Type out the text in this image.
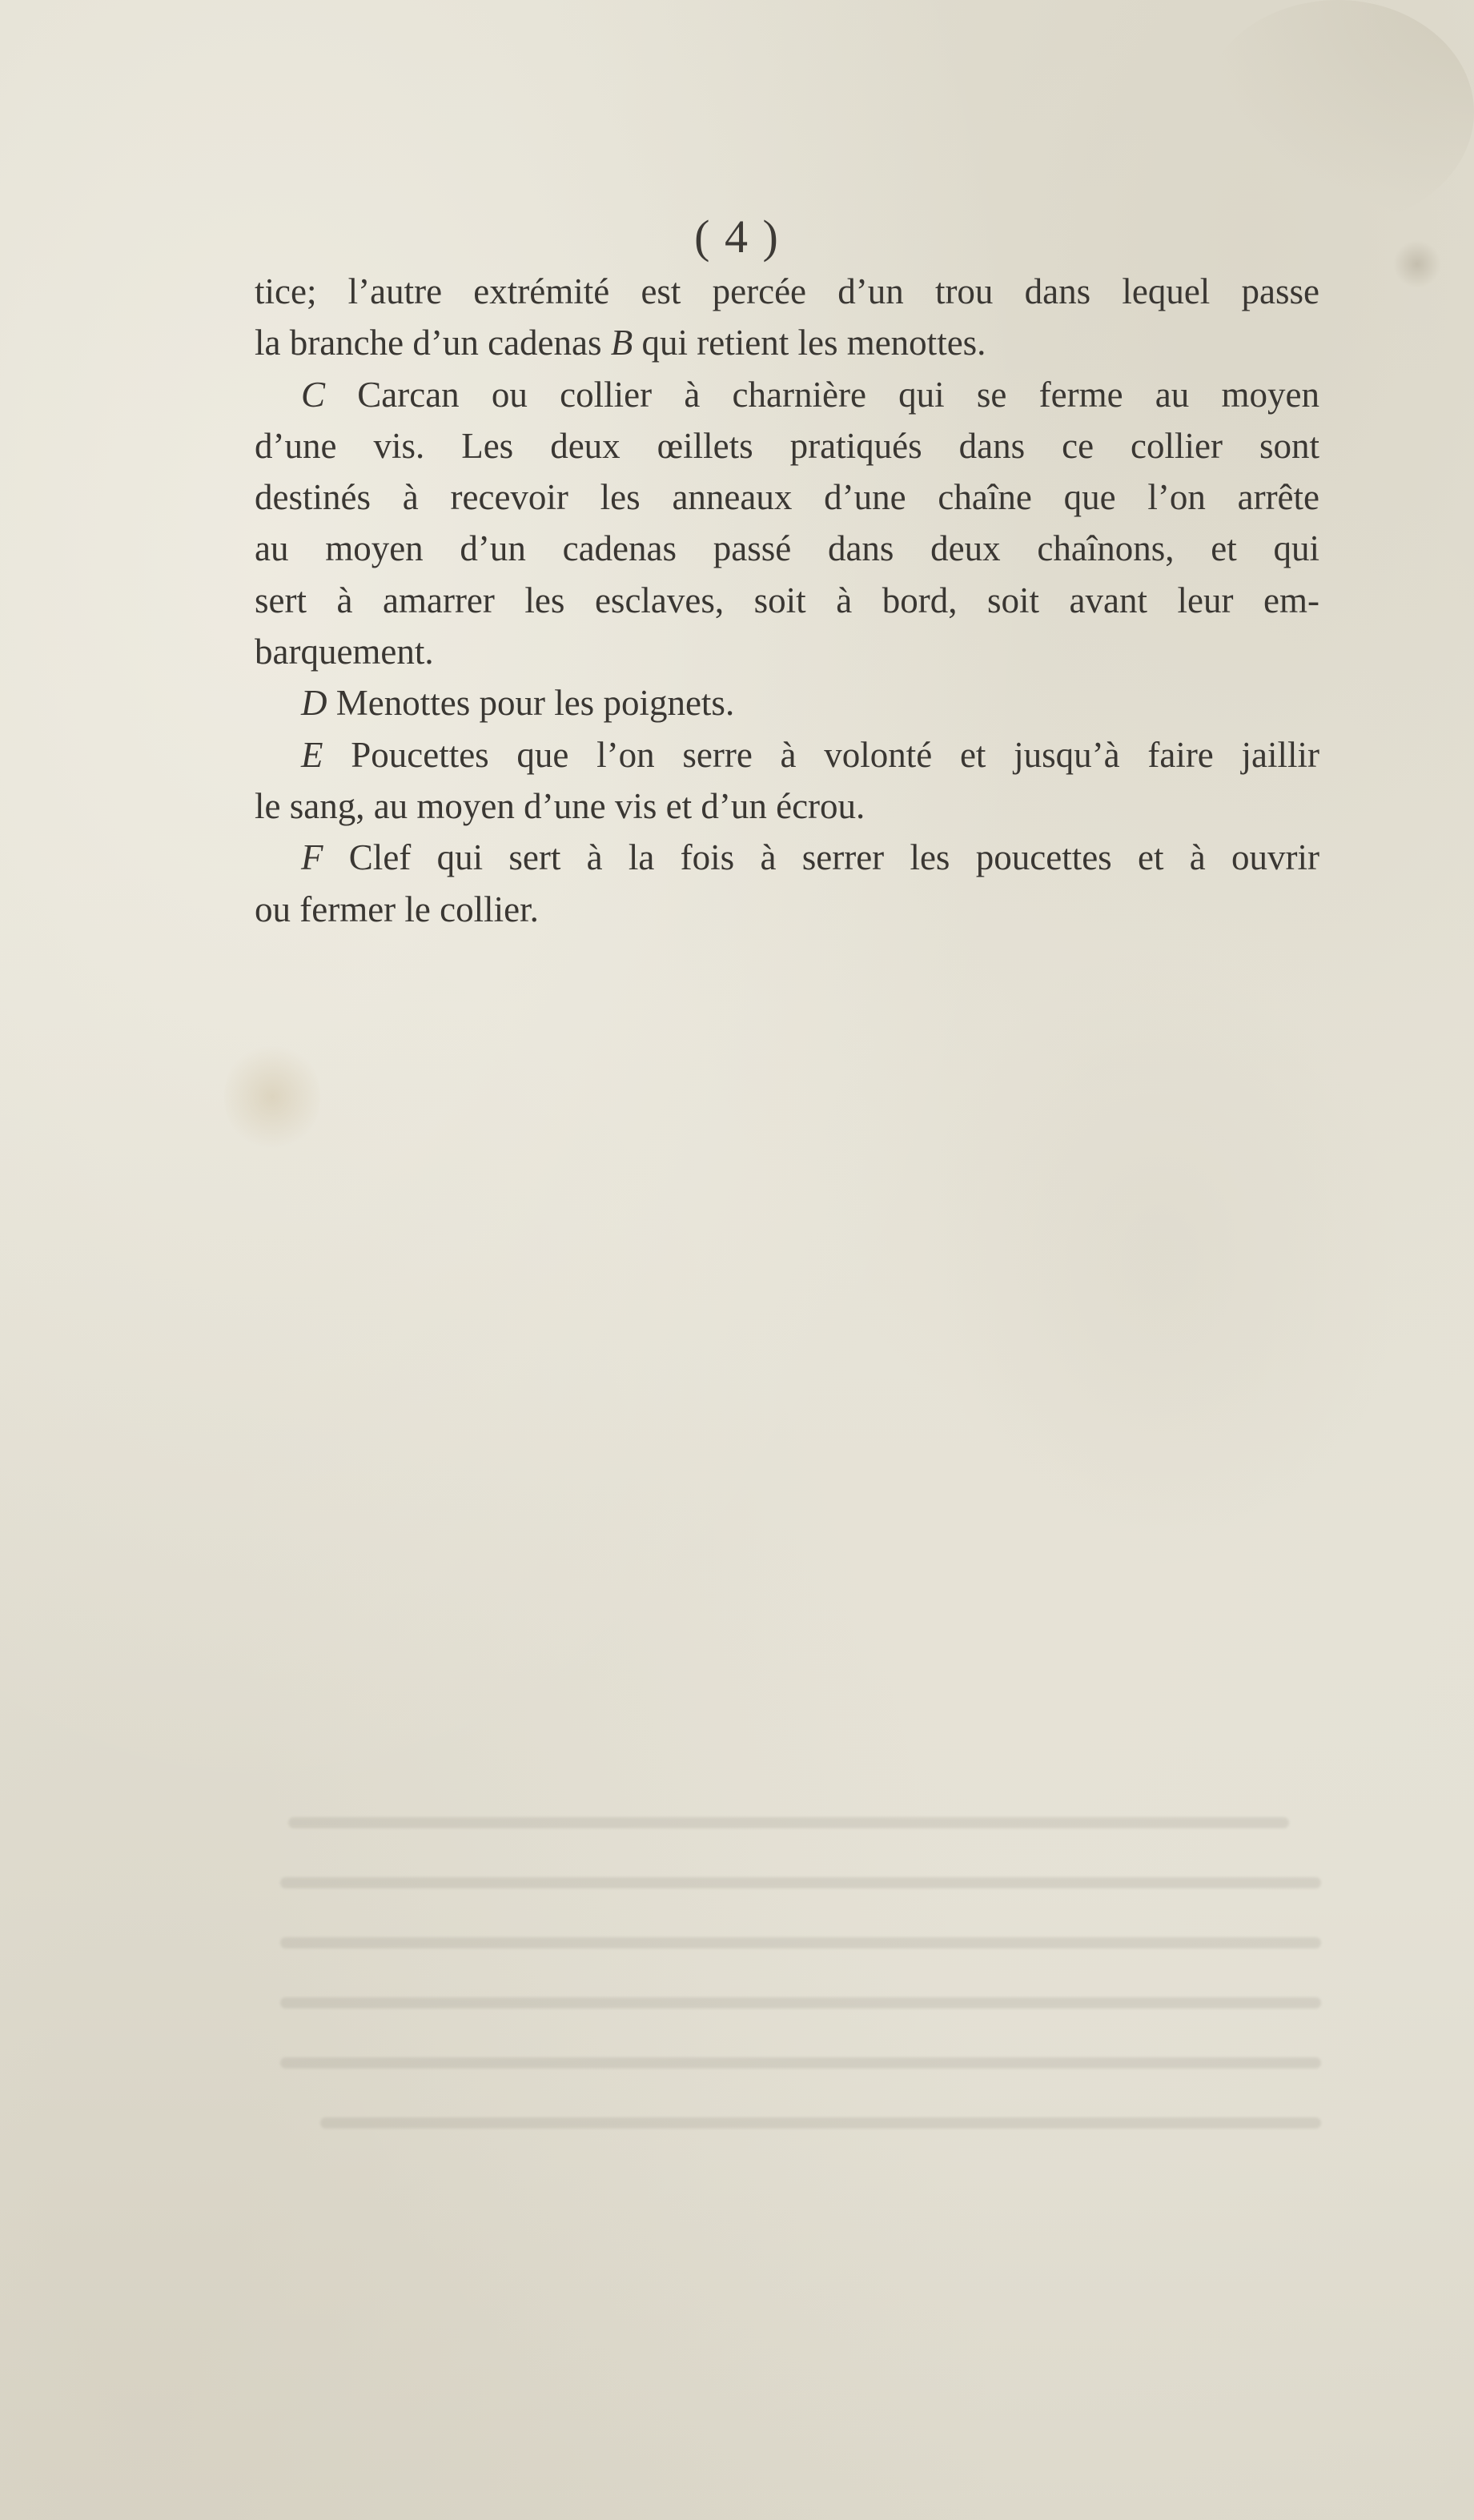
( 4 )
tice; l’autre extrémité est percée d’un trou dans lequel passe
la branche d’un cadenas B qui retient les menottes.
C Carcan ou collier à charnière qui se ferme au moyen
d’une vis. Les deux œillets pratiqués dans ce collier sont
destinés à recevoir les anneaux d’une chaîne que l’on arrête
au moyen d’un cadenas passé dans deux chaînons, et qui
sert à amarrer les esclaves, soit à bord, soit avant leur em-
barquement.
D Menottes pour les poignets.
E Poucettes que l’on serre à volonté et jusqu’à faire jaillir
le sang, au moyen d’une vis et d’un écrou.
F Clef qui sert à la fois à serrer les poucettes et à ouvrir
ou fermer le collier.
